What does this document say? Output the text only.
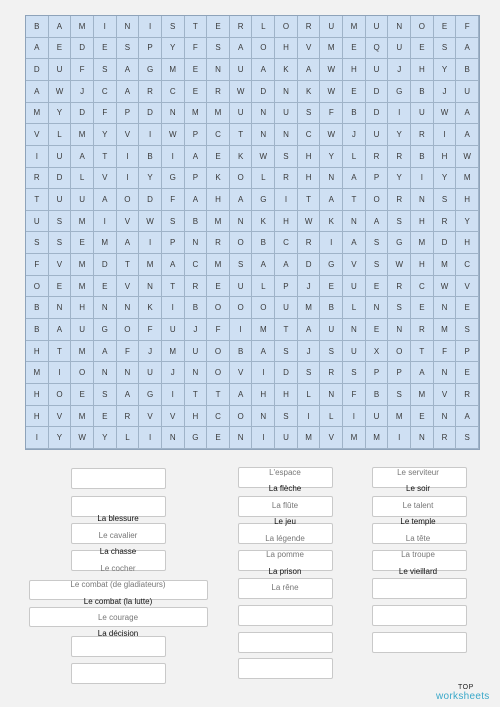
B	A	M	I	N	I	S	T	E	R	L	O	R	U	M	U	N	O	E	F
A	E	D	E	S	P	Y	F	S	A	O	H	V	M	E	Q	U	E	S	A
D	U	F	S	A	G	M	E	N	U	A	K	A	W	H	U	J	H	Y	B
A	W	J	C	A	R	C	E	R	W	D	N	K	W	E	D	G	B	J	U
M	Y	D	F	P	D	N	M	M	U	N	U	S	F	B	D	I	U	W	A
V	L	M	Y	V	I	W	P	C	T	N	N	C	W	J	U	Y	R	I	A
I	U	A	T	I	B	I	A	E	K	W	S	H	Y	L	R	R	B	H	W
R	D	L	V	I	Y	G	P	K	O	L	R	H	N	A	P	Y	I	Y	M
T	U	U	A	O	D	F	A	H	A	G	I	T	A	T	O	R	N	S	H
U	S	M	I	V	W	S	B	M	N	K	H	W	K	N	A	S	H	R	Y
S	S	E	M	A	I	P	N	R	O	B	C	R	I	A	S	G	M	D	H
F	V	M	D	T	M	A	C	M	S	A	A	D	G	V	S	W	H	M	C
O	E	M	E	V	N	T	R	E	U	L	P	J	E	U	E	R	C	W	V
B	N	H	N	N	K	I	B	O	O	O	U	M	B	L	N	S	E	N	E
B	A	U	G	O	F	U	J	F	I	M	T	A	U	N	E	N	R	M	S
H	T	M	A	F	J	M	U	O	B	A	S	J	S	U	X	O	T	F	P
M	I	O	N	N	U	J	N	O	V	I	D	S	R	S	P	P	A	N	E
H	O	E	S	A	G	I	T	T	A	H	H	L	N	F	B	S	M	V	R
H	V	M	E	R	V	V	H	C	O	N	S	I	L	I	U	M	E	N	A
I	Y	W	Y	L	I	N	G	E	N	I	U	M	V	M	M	I	N	R	S
La blessure
Le cavalier
La chasse
Le cocher
Le combat (de gladiateurs)
Le combat (la lutte)
Le courage
La décision
L'espace
La flèche
La flûte
Le jeu
La légende
La pomme
La prison
La rêne
Le serviteur
Le soir
Le talent
Le temple
La tête
La troupe
Le vieillard
TOP
worksheets
